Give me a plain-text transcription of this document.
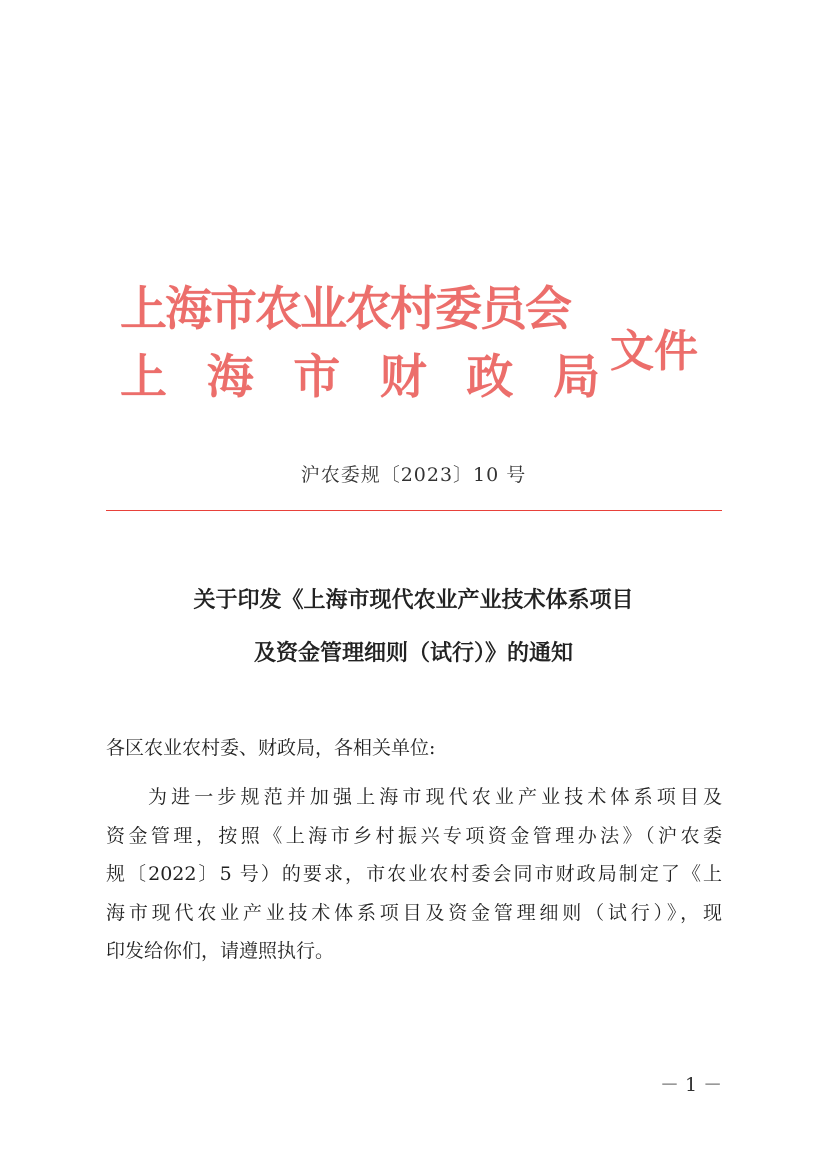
上海市农业农村委员会
上 海 市 财 政 局 文件
沪农委规〔2023〕10 号
关于印发《上海市现代农业产业技术体系项目
及资金管理细则（试行）》的通知
各区农业农村委、财政局，各相关单位:
为进一步规范并加强上海市现代农业产业技术体系项目及
资金管理，按照《上海市乡村振兴专项资金管理办法》（沪农委
规〔2022〕5 号）的要求，市农业农村委会同市财政局制定了《上
海市现代农业产业技术体系项目及资金管理细则（试行）》，现
印发给你们，请遵照执行。
－ 1 －
